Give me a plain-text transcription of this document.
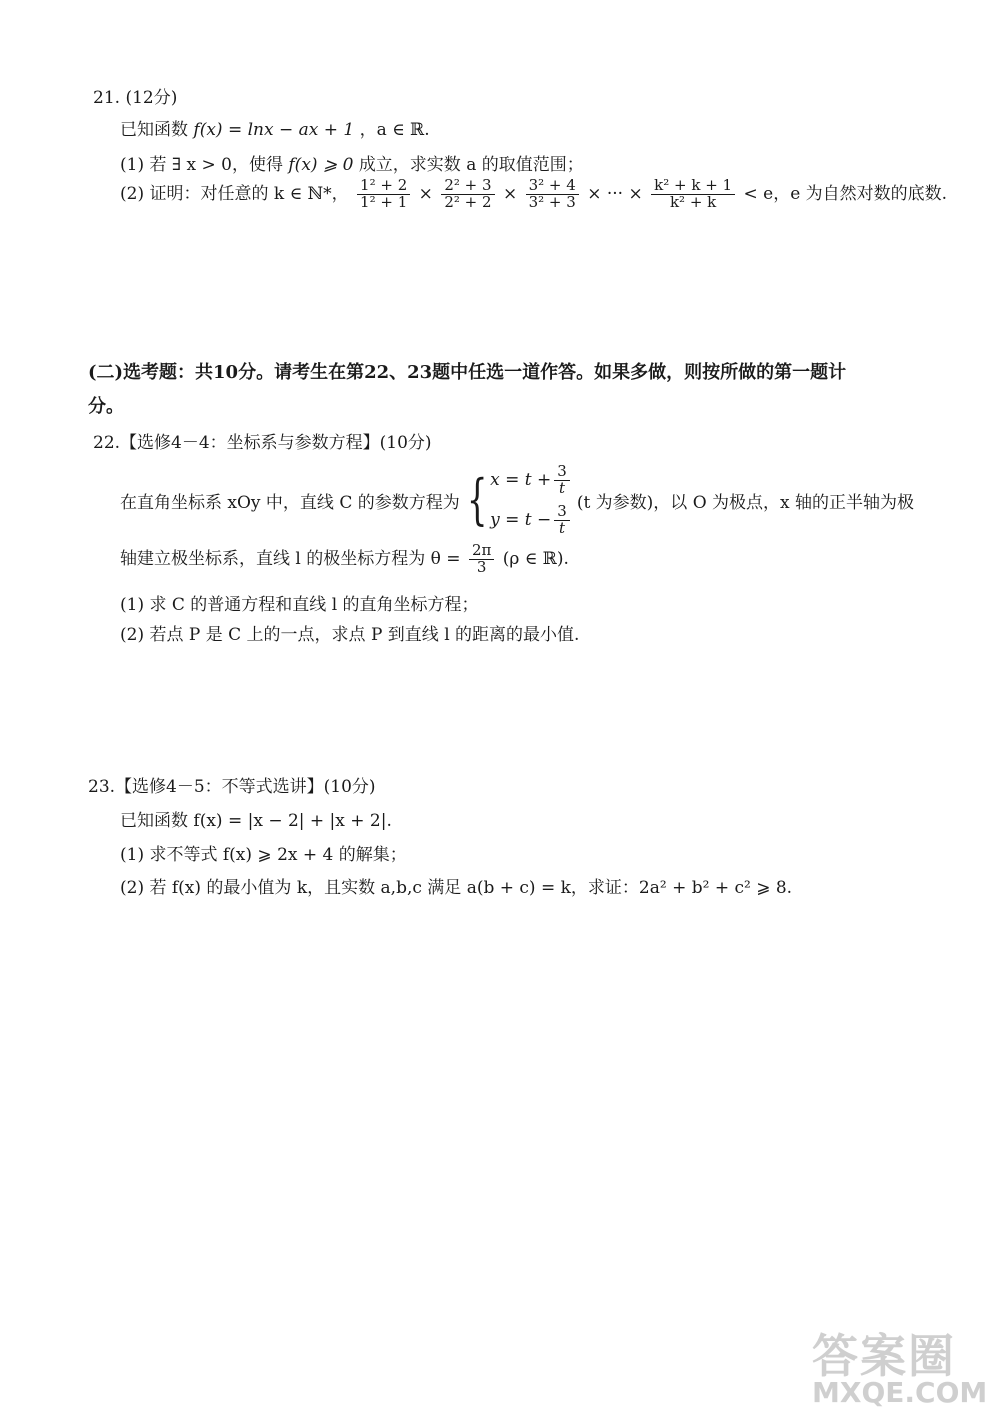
21. (12分)
已知函数 f(x) = lnx − ax + 1 ，a ∈ ℝ.
(1) 若 ∃ x > 0，使得 f(x) ⩾ 0 成立，求实数 a 的取值范围；
(2) 证明：对任意的 k ∈ ℕ*， $\frac{\text{1² + 2}}{\text{1² + 1}} \times \frac{\text{2² + 3}}{\text{2² + 2}} \times \frac{\text{3² + 4}}{\text{3² + 3}}$ × ··· × $\frac{\text{k² + k + 1}}{\text{k² + k}} < e$，e 为自然对数的底数.
(二)选考题：共10分。请考生在第22、23题中任选一道作答。如果多做，则按所做的第一题计
分。
22.【选修4－4：坐标系与参数方程】(10分)
在直角坐标系 xOy 中，直线 C 的参数方程为 { $x = t + \frac{3}{t}$
$y = t - \frac{3}{t}$
(t 为参数)，以 O 为极点，x 轴的正半轴为极
轴建立极坐标系，直线 l 的极坐标方程为 $\theta = \frac{2\pi}{3} (\rho$ ∈ ℝ).
(1) 求 C 的普通方程和直线 l 的直角坐标方程；
(2) 若点 P 是 C 上的一点，求点 P 到直线 l 的距离的最小值.
23.【选修4－5：不等式选讲】(10分)
已知函数 f(x) = |x − 2| + |x + 2|.
(1) 求不等式 f(x) ⩾ 2x + 4 的解集；
(2) 若 f(x) 的最小值为 k，且实数 a,b,c 满足 a(b + c) = k，求证：2a² + b² + c² ⩾ 8.
答案圈
MXQE.COM
